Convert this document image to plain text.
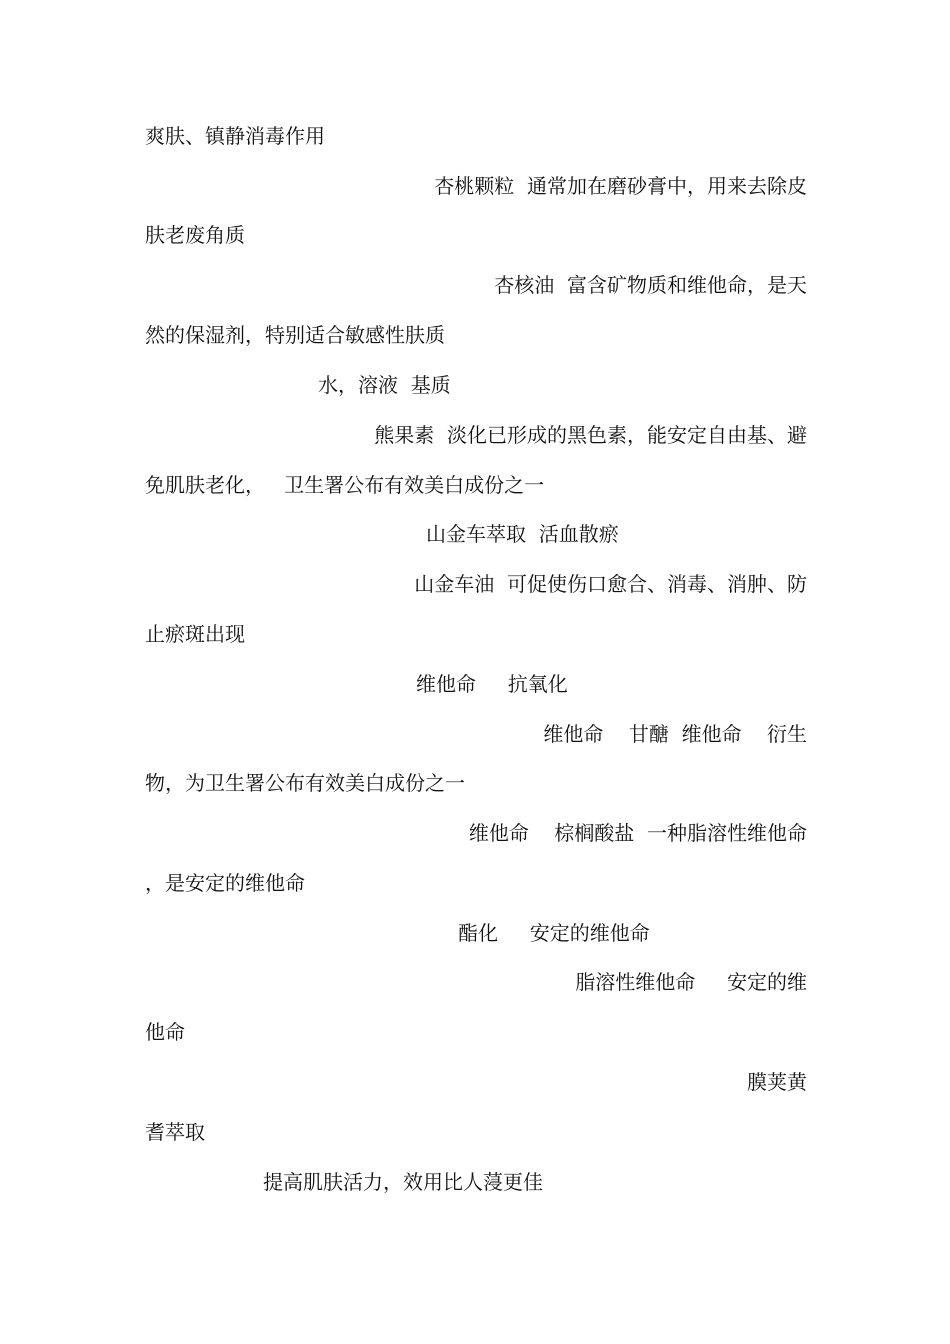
爽肤、镇静消毒作用
杏桃颗粒  通常加在磨砂膏中，用来去除皮
肤老废角质
杏核油  富含矿物质和维他命，是天
然的保湿剂，特别适合敏感性肤质
水，溶液  基质
熊果素  淡化已形成的黑色素，能安定自由基、避
免肌肤老化，   卫生署公布有效美白成份之一
山金车萃取  活血散瘀
山金车油  可促使伤口愈合、消毒、消肿、防
止瘀斑出现
维他命     抗氧化
维他命    甘醣  维他命    衍生
物，为卫生署公布有效美白成份之一
维他命    棕榈酸盐  一种脂溶性维他命
，是安定的维他命
酯化     安定的维他命
脂溶性维他命     安定的维
他命
膜荚黄
耆萃取
提高肌肤活力，效用比人蓡更佳
